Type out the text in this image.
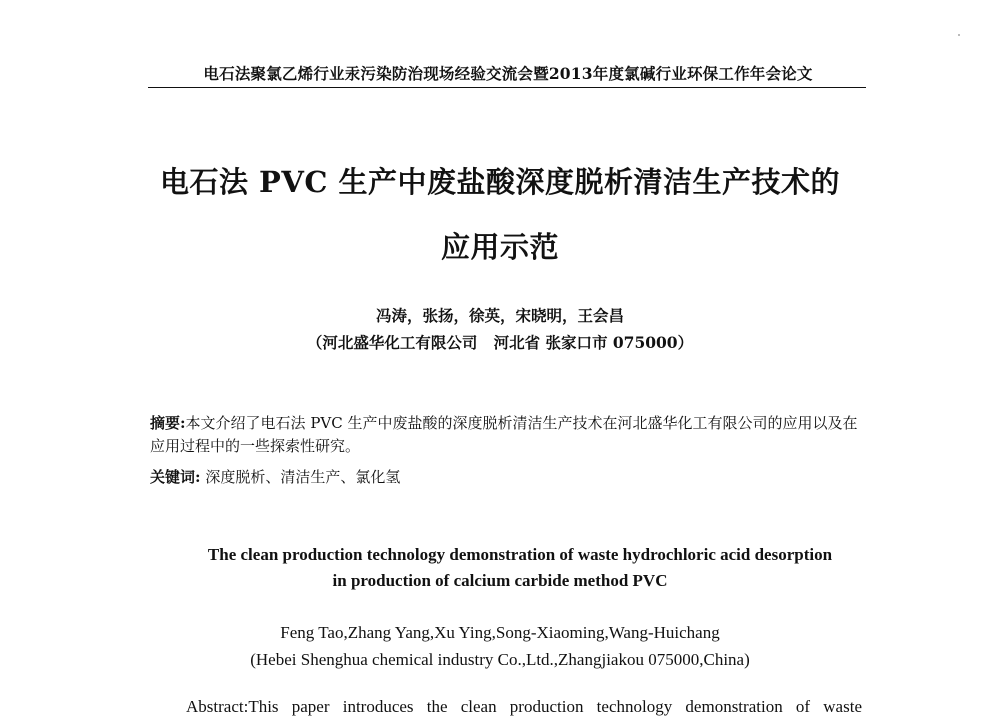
电石法聚氯乙烯行业汞污染防治现场经验交流会暨2013年度氯碱行业环保工作年会论文
电石法 PVC 生产中废盐酸深度脱析清洁生产技术的
应用示范
冯涛，张扬，徐英，宋晓明，王会昌
（河北盛华化工有限公司   河北省 张家口市 075000）
摘要:本文介绍了电石法 PVC 生产中废盐酸的深度脱析清洁生产技术在河北盛华化工有限公司的应用以及在应用过程中的一些探索性研究。
关键词: 深度脱析、清洁生产、氯化氢
The clean production technology demonstration of waste hydrochloric acid desorption
in production of calcium carbide method PVC
Feng Tao,Zhang Yang,Xu Ying,Song-Xiaoming,Wang-Huichang
(Hebei Shenghua chemical industry Co.,Ltd.,Zhangjiakou 075000,China)
Abstract:This paper introduces the clean production technology demonstration of waste
